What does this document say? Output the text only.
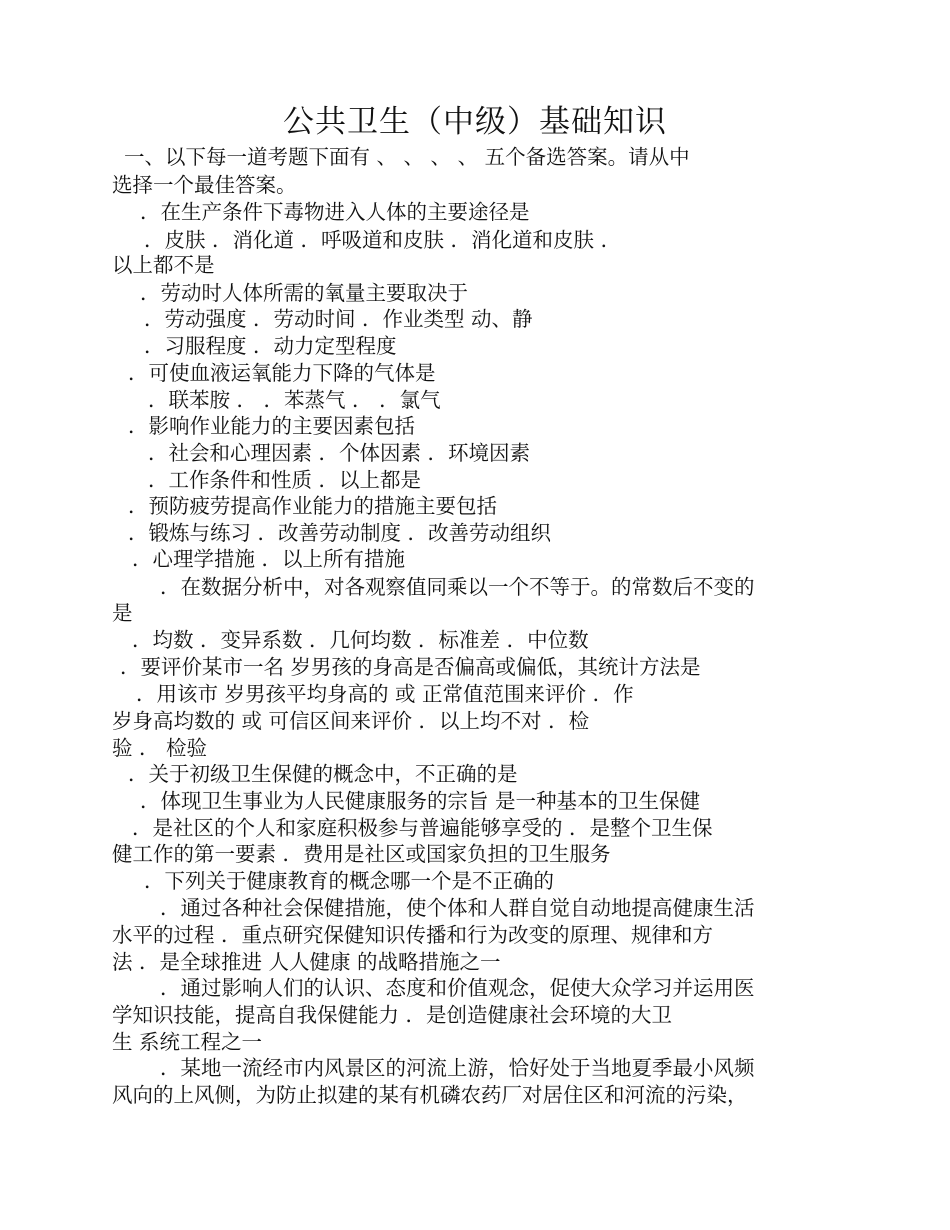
公共卫生（中级）基础知识
一、以下每一道考题下面有 、 、 、 、 五个备选答案。请从中
选择一个最佳答案。
．在生产条件下毒物进入人体的主要途径是
．皮肤 ．消化道 ．呼吸道和皮肤 ．消化道和皮肤 ．
以上都不是
．劳动时人体所需的氧量主要取决于
．劳动强度 ．劳动时间 ．作业类型 动、静
．习服程度 ．动力定型程度
．可使血液运氧能力下降的气体是
．联苯胺 ． ．苯蒸气 ． ．氯气
．影响作业能力的主要因素包括
．社会和心理因素 ．个体因素 ．环境因素
．工作条件和性质 ．以上都是
．预防疲劳提高作业能力的措施主要包括
．锻炼与练习 ．改善劳动制度 ．改善劳动组织
．心理学措施 ．以上所有措施
．在数据分析中，对各观察值同乘以一个不等于。的常数后不变的
是
．均数 ．变异系数 ．几何均数 ．标准差 ．中位数
．要评价某市一名 岁男孩的身高是否偏高或偏低，其统计方法是
．用该市 岁男孩平均身高的 或 正常值范围来评价 ．作
岁身高均数的 或 可信区间来评价 ．以上均不对 ．检
验 ． 检验
．关于初级卫生保健的概念中，不正确的是
．体现卫生事业为人民健康服务的宗旨 是一种基本的卫生保健
．是社区的个人和家庭积极参与普遍能够享受的 ．是整个卫生保
健工作的第一要素 ．费用是社区或国家负担的卫生服务
．下列关于健康教育的概念哪一个是不正确的
．通过各种社会保健措施，使个体和人群自觉自动地提高健康生活
水平的过程 ．重点研究保健知识传播和行为改变的原理、规律和方
法 ．是全球推进 人人健康 的战略措施之一
．通过影响人们的认识、态度和价值观念，促使大众学习并运用医
学知识技能，提高自我保健能力 ．是创造健康社会环境的大卫
生 系统工程之一
．某地一流经市内风景区的河流上游，恰好处于当地夏季最小风频
风向的上风侧，为防止拟建的某有机磷农药厂对居住区和河流的污染，
